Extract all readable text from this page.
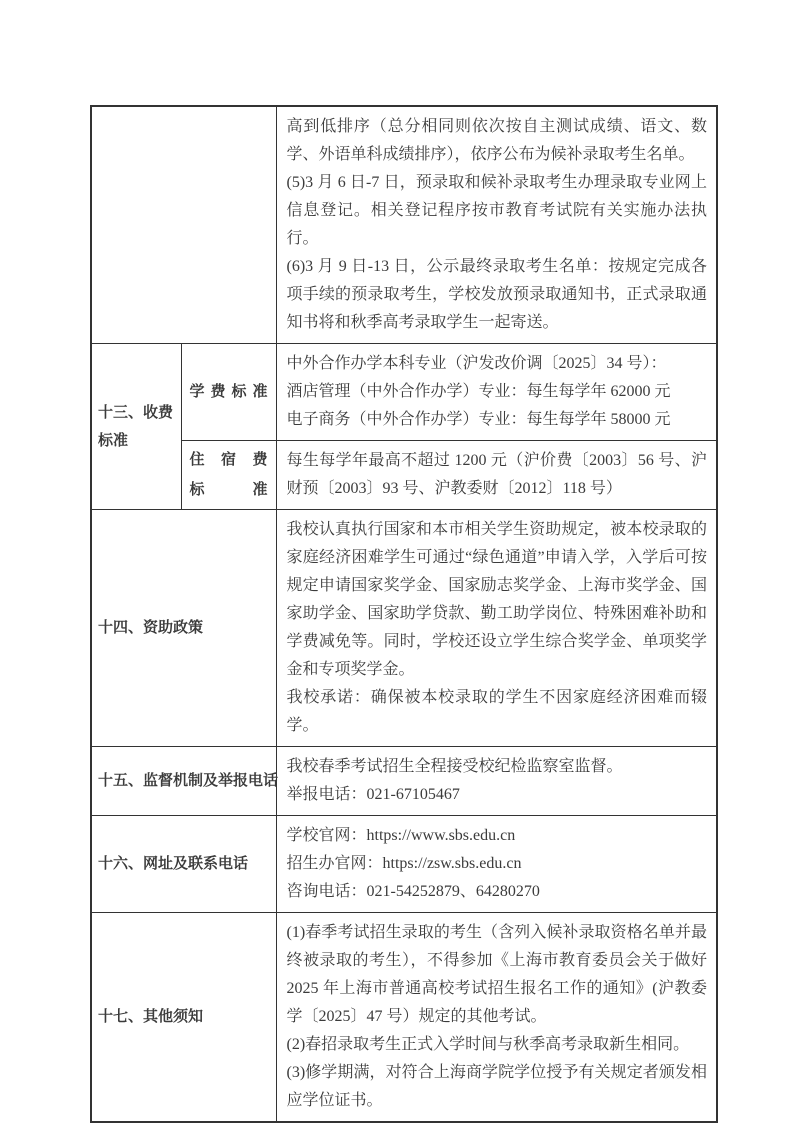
		高到低排序（总分相同则依次按自主测试成绩、语文、数学、外语单科成绩排序），依序公布为候补录取考生名单。

(5)3 月 6 日-7 日，预录取和候补录取考生办理录取专业网上信息登记。相关登记程序按市教育考试院有关实施办法执行。

(6)3 月 9 日-13 日，公示最终录取考生名单：按规定完成各项手续的预录取考生，学校发放预录取通知书，正式录取通知书将和秋季高考录取学生一起寄送。

十三、收费标准	学费标准	中外合作办学本科专业（沪发改价调〔2025〕34 号）：

酒店管理（中外合作办学）专业：每生每学年 62000 元

电子商务（中外合作办学）专业：每生每学年 58000 元

	住宿费
标准	每生每学年最高不超过 1200 元（沪价费〔2003〕56 号、沪财预〔2003〕93 号、沪教委财〔2012〕118 号）

十四、资助政策		我校认真执行国家和本市相关学生资助规定，被本校录取的家庭经济困难学生可通过“绿色通道”申请入学，入学后可按规定申请国家奖学金、国家励志奖学金、上海市奖学金、国家助学金、国家助学贷款、勤工助学岗位、特殊困难补助和学费减免等。同时，学校还设立学生综合奖学金、单项奖学金和专项奖学金。

我校承诺：确保被本校录取的学生不因家庭经济困难而辍学。

十五、监督机制及举报电话		我校春季考试招生全程接受校纪检监察室监督。

举报电话：021-67105467

十六、网址及联系电话		学校官网：https://www.sbs.edu.cn

招生办官网：https://zsw.sbs.edu.cn

咨询电话：021-54252879、64280270

十七、其他须知		(1)春季考试招生录取的考生（含列入候补录取资格名单并最终被录取的考生），不得参加《上海市教育委员会关于做好 2025 年上海市普通高校考试招生报名工作的通知》(沪教委学〔2025〕47 号）规定的其他考试。

(2)春招录取考生正式入学时间与秋季高考录取新生相同。

(3)修学期满，对符合上海商学院学位授予有关规定者颁发相应学位证书。
